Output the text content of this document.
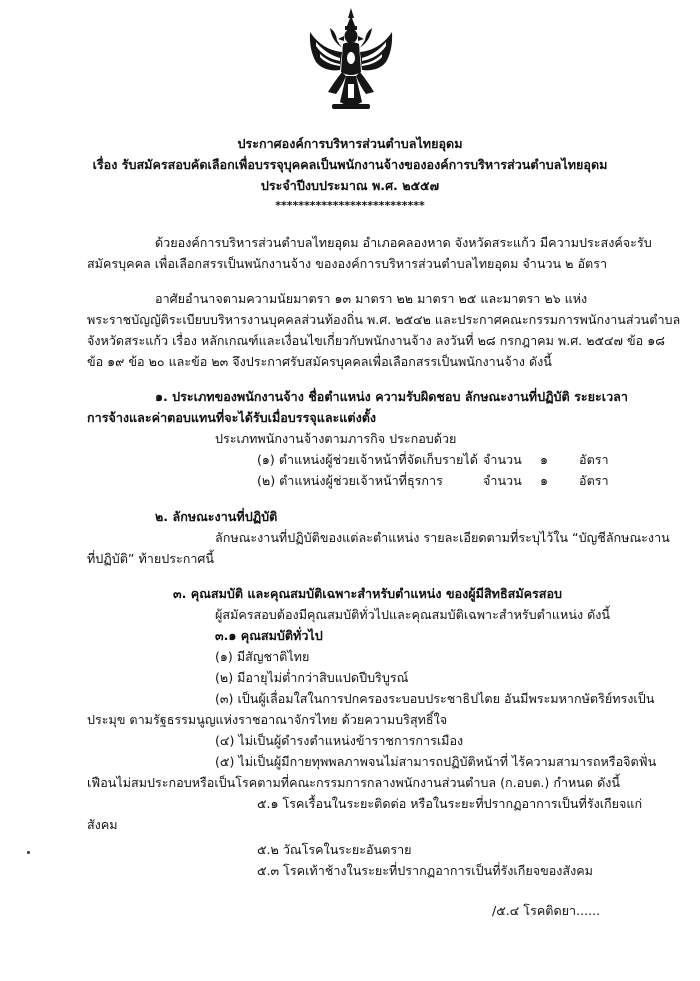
ประกาศองค์การบริหารส่วนตำบลไทยอุดม
เรื่อง รับสมัครสอบคัดเลือกเพื่อบรรจุบุคคลเป็นพนักงานจ้างขององค์การบริหารส่วนตำบลไทยอุดม
ประจำปีงบประมาณ พ.ศ. ๒๕๕๗
**************************
ด้วยองค์การบริหารส่วนตำบลไทยอุดม อำเภอคลองหาด จังหวัดสระแก้ว มีความประสงค์จะรับ
สมัครบุคคล เพื่อเลือกสรรเป็นพนักงานจ้าง ขององค์การบริหารส่วนตำบลไทยอุดม จำนวน ๒ อัตรา
อาศัยอำนาจตามความนัยมาตรา ๑๓ มาตรา ๒๒ มาตรา ๒๕ และมาตรา ๒๖ แห่ง
พระราชบัญญัติระเบียบบริหารงานบุคคลส่วนท้องถิ่น พ.ศ. ๒๕๔๒ และประกาศคณะกรรมการพนักงานส่วนตำบล
จังหวัดสระแก้ว เรื่อง หลักเกณฑ์และเงื่อนไขเกี่ยวกับพนักงานจ้าง ลงวันที่ ๒๘ กรกฎาคม พ.ศ. ๒๕๔๗ ข้อ ๑๘
ข้อ ๑๙ ข้อ ๒๐ และข้อ ๒๓ จึงประกาศรับสมัครบุคคลเพื่อเลือกสรรเป็นพนักงานจ้าง ดังนี้
๑. ประเภทของพนักงานจ้าง ชื่อตำแหน่ง ความรับผิดชอบ ลักษณะงานที่ปฏิบัติ ระยะเวลา
การจ้างและค่าตอบแทนที่จะได้รับเมื่อบรรจุและแต่งตั้ง
ประเภทพนักงานจ้างตามภารกิจ ประกอบด้วย
(๑) ตำแหน่งผู้ช่วยเจ้าหน้าที่จัดเก็บรายได้ จำนวน ๑ อัตรา
(๒) ตำแหน่งผู้ช่วยเจ้าหน้าที่ธุรการ	จำนวน ๑ อัตรา
๒. ลักษณะงานที่ปฏิบัติ
ลักษณะงานที่ปฏิบัติของแต่ละตำแหน่ง รายละเอียดตามที่ระบุไว้ใน “บัญชีลักษณะงาน
ที่ปฏิบัติ” ท้ายประกาศนี้
๓. คุณสมบัติ และคุณสมบัติเฉพาะสำหรับตำแหน่ง ของผู้มีสิทธิสมัครสอบ
ผู้สมัครสอบต้องมีคุณสมบัติทั่วไปและคุณสมบัติเฉพาะสำหรับตำแหน่ง ดังนี้
๓.๑ คุณสมบัติทั่วไป
(๑) มีสัญชาติไทย
(๒) มีอายุไม่ต่ำกว่าสิบแปดปีบริบูรณ์
(๓) เป็นผู้เลื่อมใสในการปกครองระบอบประชาธิปไตย อันมีพระมหากษัตริย์ทรงเป็น
ประมุข ตามรัฐธรรมนูญแห่งราชอาณาจักรไทย ด้วยความบริสุทธิ์ใจ
(๔) ไม่เป็นผู้ดำรงตำแหน่งข้าราชการการเมือง
(๕) ไม่เป็นผู้มีกายทุพพลภาพจนไม่สามารถปฏิบัติหน้าที่ ไร้ความสามารถหรือจิตฟั่น
เฟือนไม่สมประกอบหรือเป็นโรคตามที่คณะกรรมการกลางพนักงานส่วนตำบล (ก.อบต.) กำหนด ดังนี้
๕.๑ โรคเรื้อนในระยะติดต่อ หรือในระยะที่ปรากฏอาการเป็นที่รังเกียจแก่
สังคม
๕.๒ วัณโรคในระยะอันตราย
๕.๓ โรคเท้าช้างในระยะที่ปรากฏอาการเป็นที่รังเกียจของสังคม
/๕.๔ โรคติดยา......
